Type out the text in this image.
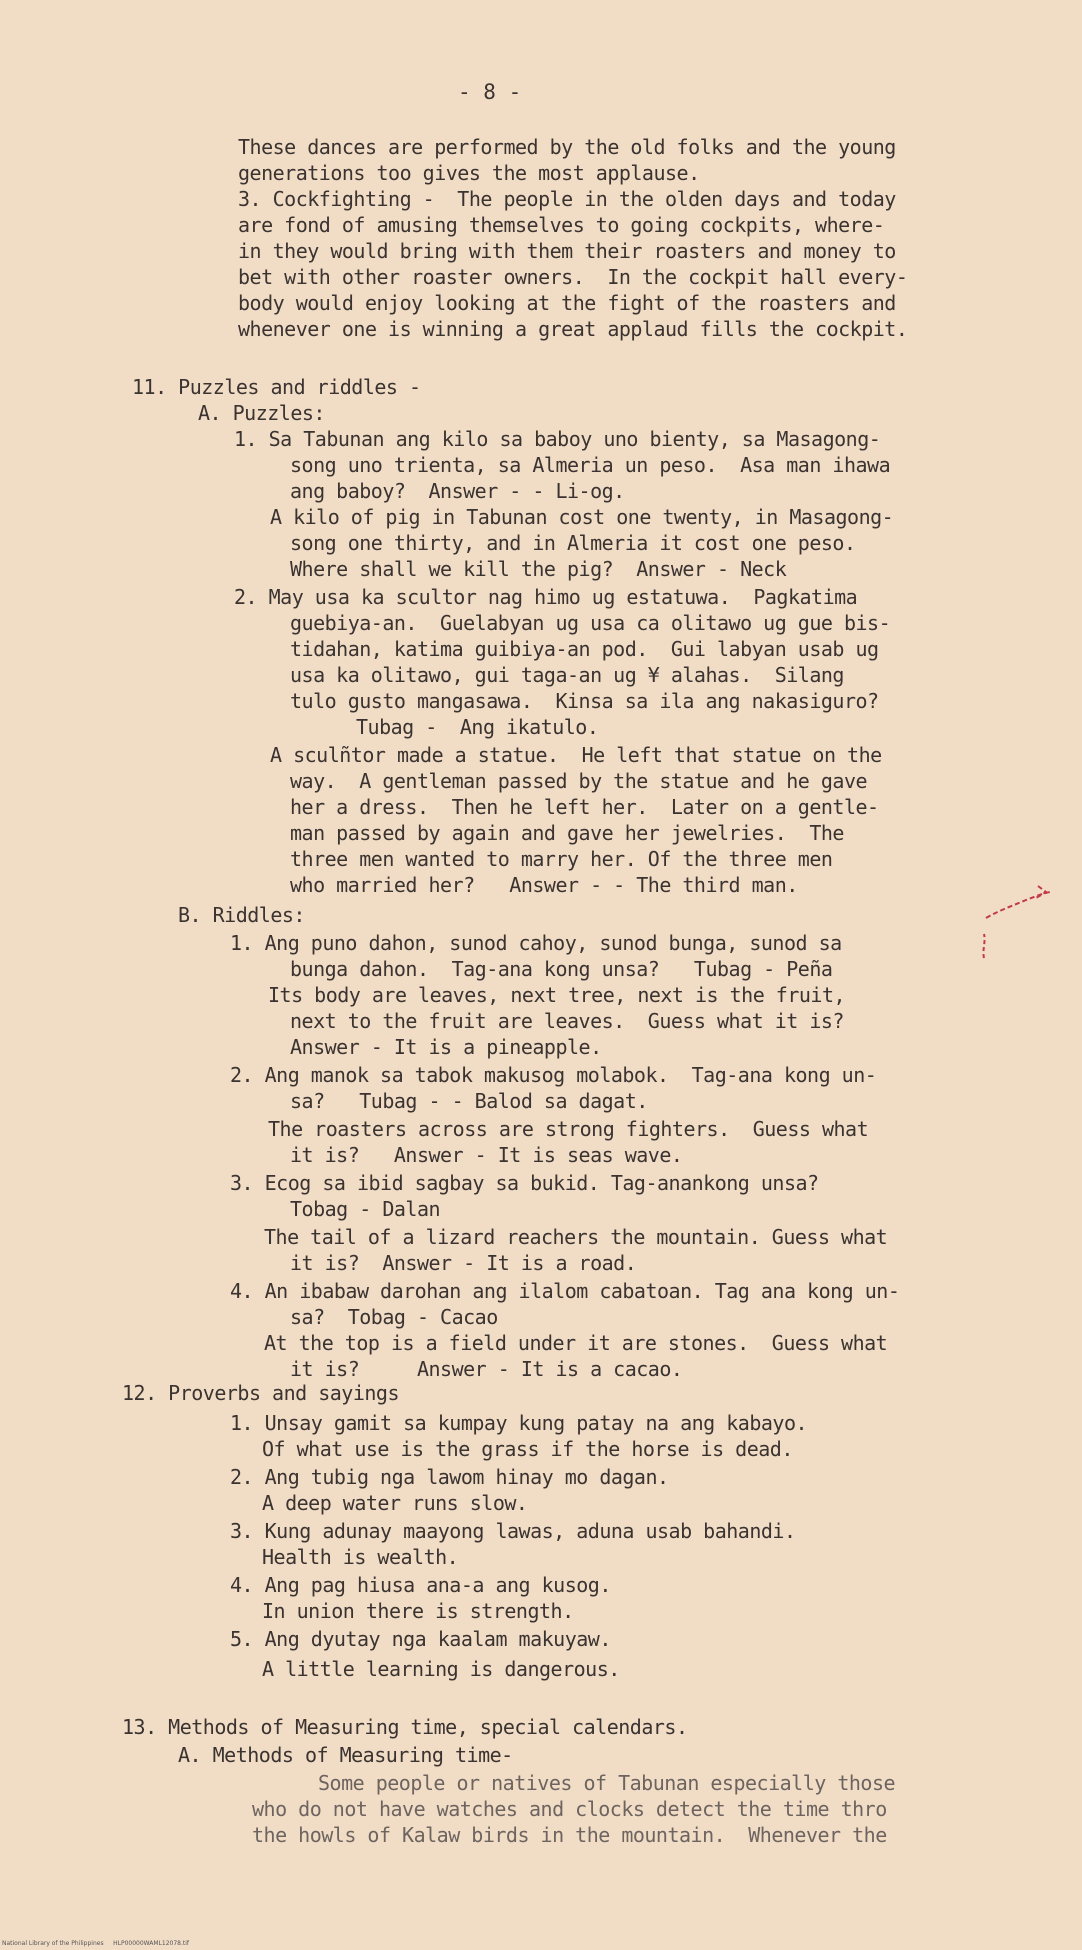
- 8 -
These dances are performed by the old folks and the young
generations too gives the most applause.
3. Cockfighting -  The people in the olden days and today
are fond of amusing themselves to going cockpits, where-
in they would bring with them their roasters and money to
bet with other roaster owners.  In the cockpit hall every-
body would enjoy looking at the fight of the roasters and
whenever one is winning a great applaud fills the cockpit.
11. Puzzles and riddles -
A. Puzzles:
1. Sa Tabunan ang kilo sa baboy uno bienty, sa Masagong-
song uno trienta, sa Almeria un peso.  Asa man ihawa
ang baboy?  Answer - - Li-og.
A kilo of pig in Tabunan cost one twenty, in Masagong-
song one thirty, and in Almeria it cost one peso.
Where shall we kill the pig?  Answer - Neck
2. May usa ka scultor nag himo ug estatuwa.  Pagkatima
guebiya-an.  Guelabyan ug usa ca olitawo ug gue bis-
tidahan, katima guibiya-an pod.  Gui labyan usab ug
usa ka olitawo, gui taga-an ug ¥ alahas.  Silang
tulo gusto mangasawa.  Kinsa sa ila ang nakasiguro?
Tubag -  Ang ikatulo.
A sculñtor made a statue.  He left that statue on the
way.  A gentleman passed by the statue and he gave
her a dress.  Then he left her.  Later on a gentle-
man passed by again and gave her jewelries.  The
three men wanted to marry her. Of the three men
who married her?   Answer - - The third man.
B. Riddles:
1. Ang puno dahon, sunod cahoy, sunod bunga, sunod sa
bunga dahon.  Tag-ana kong unsa?   Tubag - Peña
Its body are leaves, next tree, next is the fruit,
next to the fruit are leaves.  Guess what it is?
Answer - It is a pineapple.
2. Ang manok sa tabok makusog molabok.  Tag-ana kong un-
sa?   Tubag - - Balod sa dagat.
The roasters across are strong fighters.  Guess what
it is?   Answer - It is seas wave.
3. Ecog sa ibid sagbay sa bukid. Tag-anankong unsa?
Tobag - Dalan
The tail of a lizard reachers the mountain. Guess what
it is?  Answer - It is a road.
4. An ibabaw darohan ang ilalom cabatoan. Tag ana kong un-
sa?  Tobag - Cacao
At the top is a field under it are stones.  Guess what
it is?     Answer - It is a cacao.
12. Proverbs and sayings
1. Unsay gamit sa kumpay kung patay na ang kabayo.
Of what use is the grass if the horse is dead.
2. Ang tubig nga lawom hinay mo dagan.
A deep water runs slow.
3. Kung adunay maayong lawas, aduna usab bahandi.
Health is wealth.
4. Ang pag hiusa ana-a ang kusog.
In union there is strength.
5. Ang dyutay nga kaalam makuyaw.
A little learning is dangerous.
13. Methods of Measuring time, special calendars.
A. Methods of Measuring time-
Some people or natives of Tabunan especially those
who do not have watches and clocks detect the time thro
the howls of Kalaw birds in the mountain.  Whenever the
National Library of the Philippines     HLP00000WAML12078.tif
